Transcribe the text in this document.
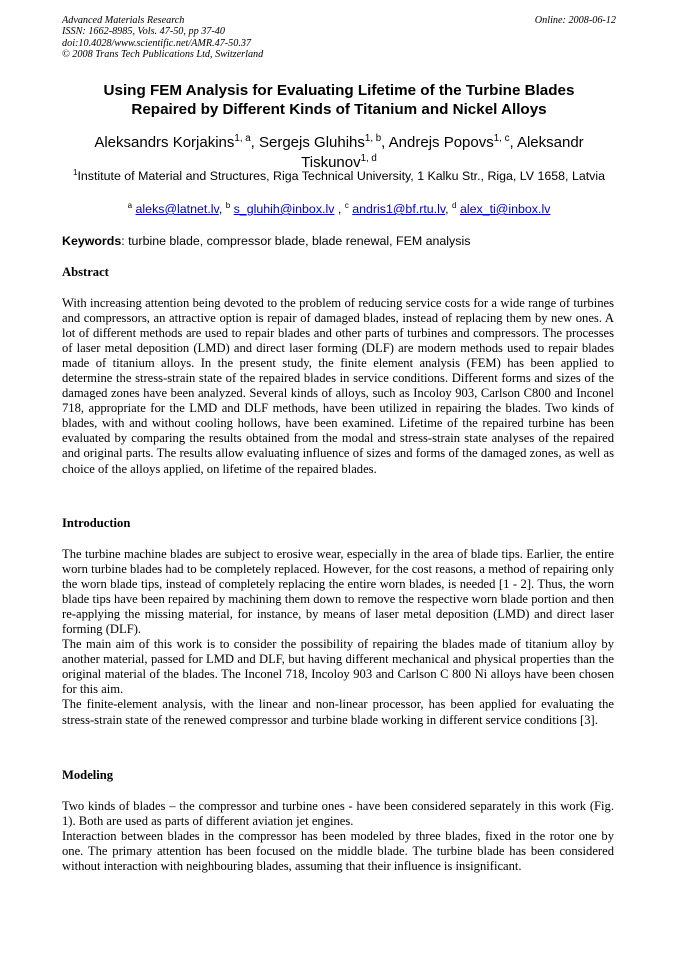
Advanced Materials Research
ISSN: 1662-8985, Vols. 47-50, pp 37-40
doi:10.4028/www.scientific.net/AMR.47-50.37
© 2008 Trans Tech Publications Ltd, Switzerland
Online: 2008-06-12
Using FEM Analysis for Evaluating Lifetime of the Turbine Blades
Repaired by Different Kinds of Titanium and Nickel Alloys
Aleksandrs Korjakins$^{1, a}$, Sergejs Gluhihs$^{1, b}$, Andrejs Popovs$^{1, c}$, Aleksandr Tiskunov$^{1, d}$
$^1$Institute of Material and Structures, Riga Technical University, 1 Kalku Str., Riga, LV 1658, Latvia
$^a$ aleks@latnet.lv, $^b$ s_gluhih@inbox.lv , $^c$ andris1@bf.rtu.lv, $^d$ alex_ti@inbox.lv
Keywords: turbine blade, compressor blade, blade renewal, FEM analysis
Abstract

With increasing attention being devoted to the problem of reducing service costs for a wide range of turbines and compressors, an attractive option is repair of damaged blades, instead of replacing them by new ones. A lot of different methods are used to repair blades and other parts of turbines and compressors. The processes of laser metal deposition (LMD) and direct laser forming (DLF) are modern methods used to repair blades made of titanium alloys. In the present study, the finite element analysis (FEM) has been applied to determine the stress-strain state of the repaired blades in service conditions. Different forms and sizes of the damaged zones have been analyzed. Several kinds of alloys, such as Incoloy 903, Carlson C800 and Inconel 718, appropriate for the LMD and DLF methods, have been utilized in repairing the blades. Two kinds of blades, with and without cooling hollows, have been examined. Lifetime of the repaired turbine has been evaluated by comparing the results obtained from the modal and stress-strain state analyses of the repaired and original parts. The results allow evaluating influence of sizes and forms of the damaged zones, as well as choice of the alloys applied, on lifetime of the repaired blades.

Introduction

The turbine machine blades are subject to erosive wear, especially in the area of blade tips. Earlier, the entire worn turbine blades had to be completely replaced. However, for the cost reasons, a method of repairing only the worn blade tips, instead of completely replacing the entire worn blades, is needed [1 - 2]. Thus, the worn blade tips have been repaired by machining them down to remove the respective worn blade portion and then re-applying the missing material, for instance, by means of laser metal deposition (LMD) and direct laser forming (DLF).

The main aim of this work is to consider the possibility of repairing the blades made of titanium alloy by another material, passed for LMD and DLF, but having different mechanical and physical properties than the original material of the blades. The Inconel 718, Incoloy 903 and Carlson C 800 Ni alloys have been chosen for this aim.

The finite-element analysis, with the linear and non-linear processor, has been applied for evaluating the stress-strain state of the renewed compressor and turbine blade working in different service conditions [3].

Modeling

Two kinds of blades – the compressor and turbine ones - have been considered separately in this work (Fig. 1). Both are used as parts of different aviation jet engines.

Interaction between blades in the compressor has been modeled by three blades, fixed in the rotor one by one. The primary attention has been focused on the middle blade. The turbine blade has been considered without interaction with neighbouring blades, assuming that their influence is insignificant.
